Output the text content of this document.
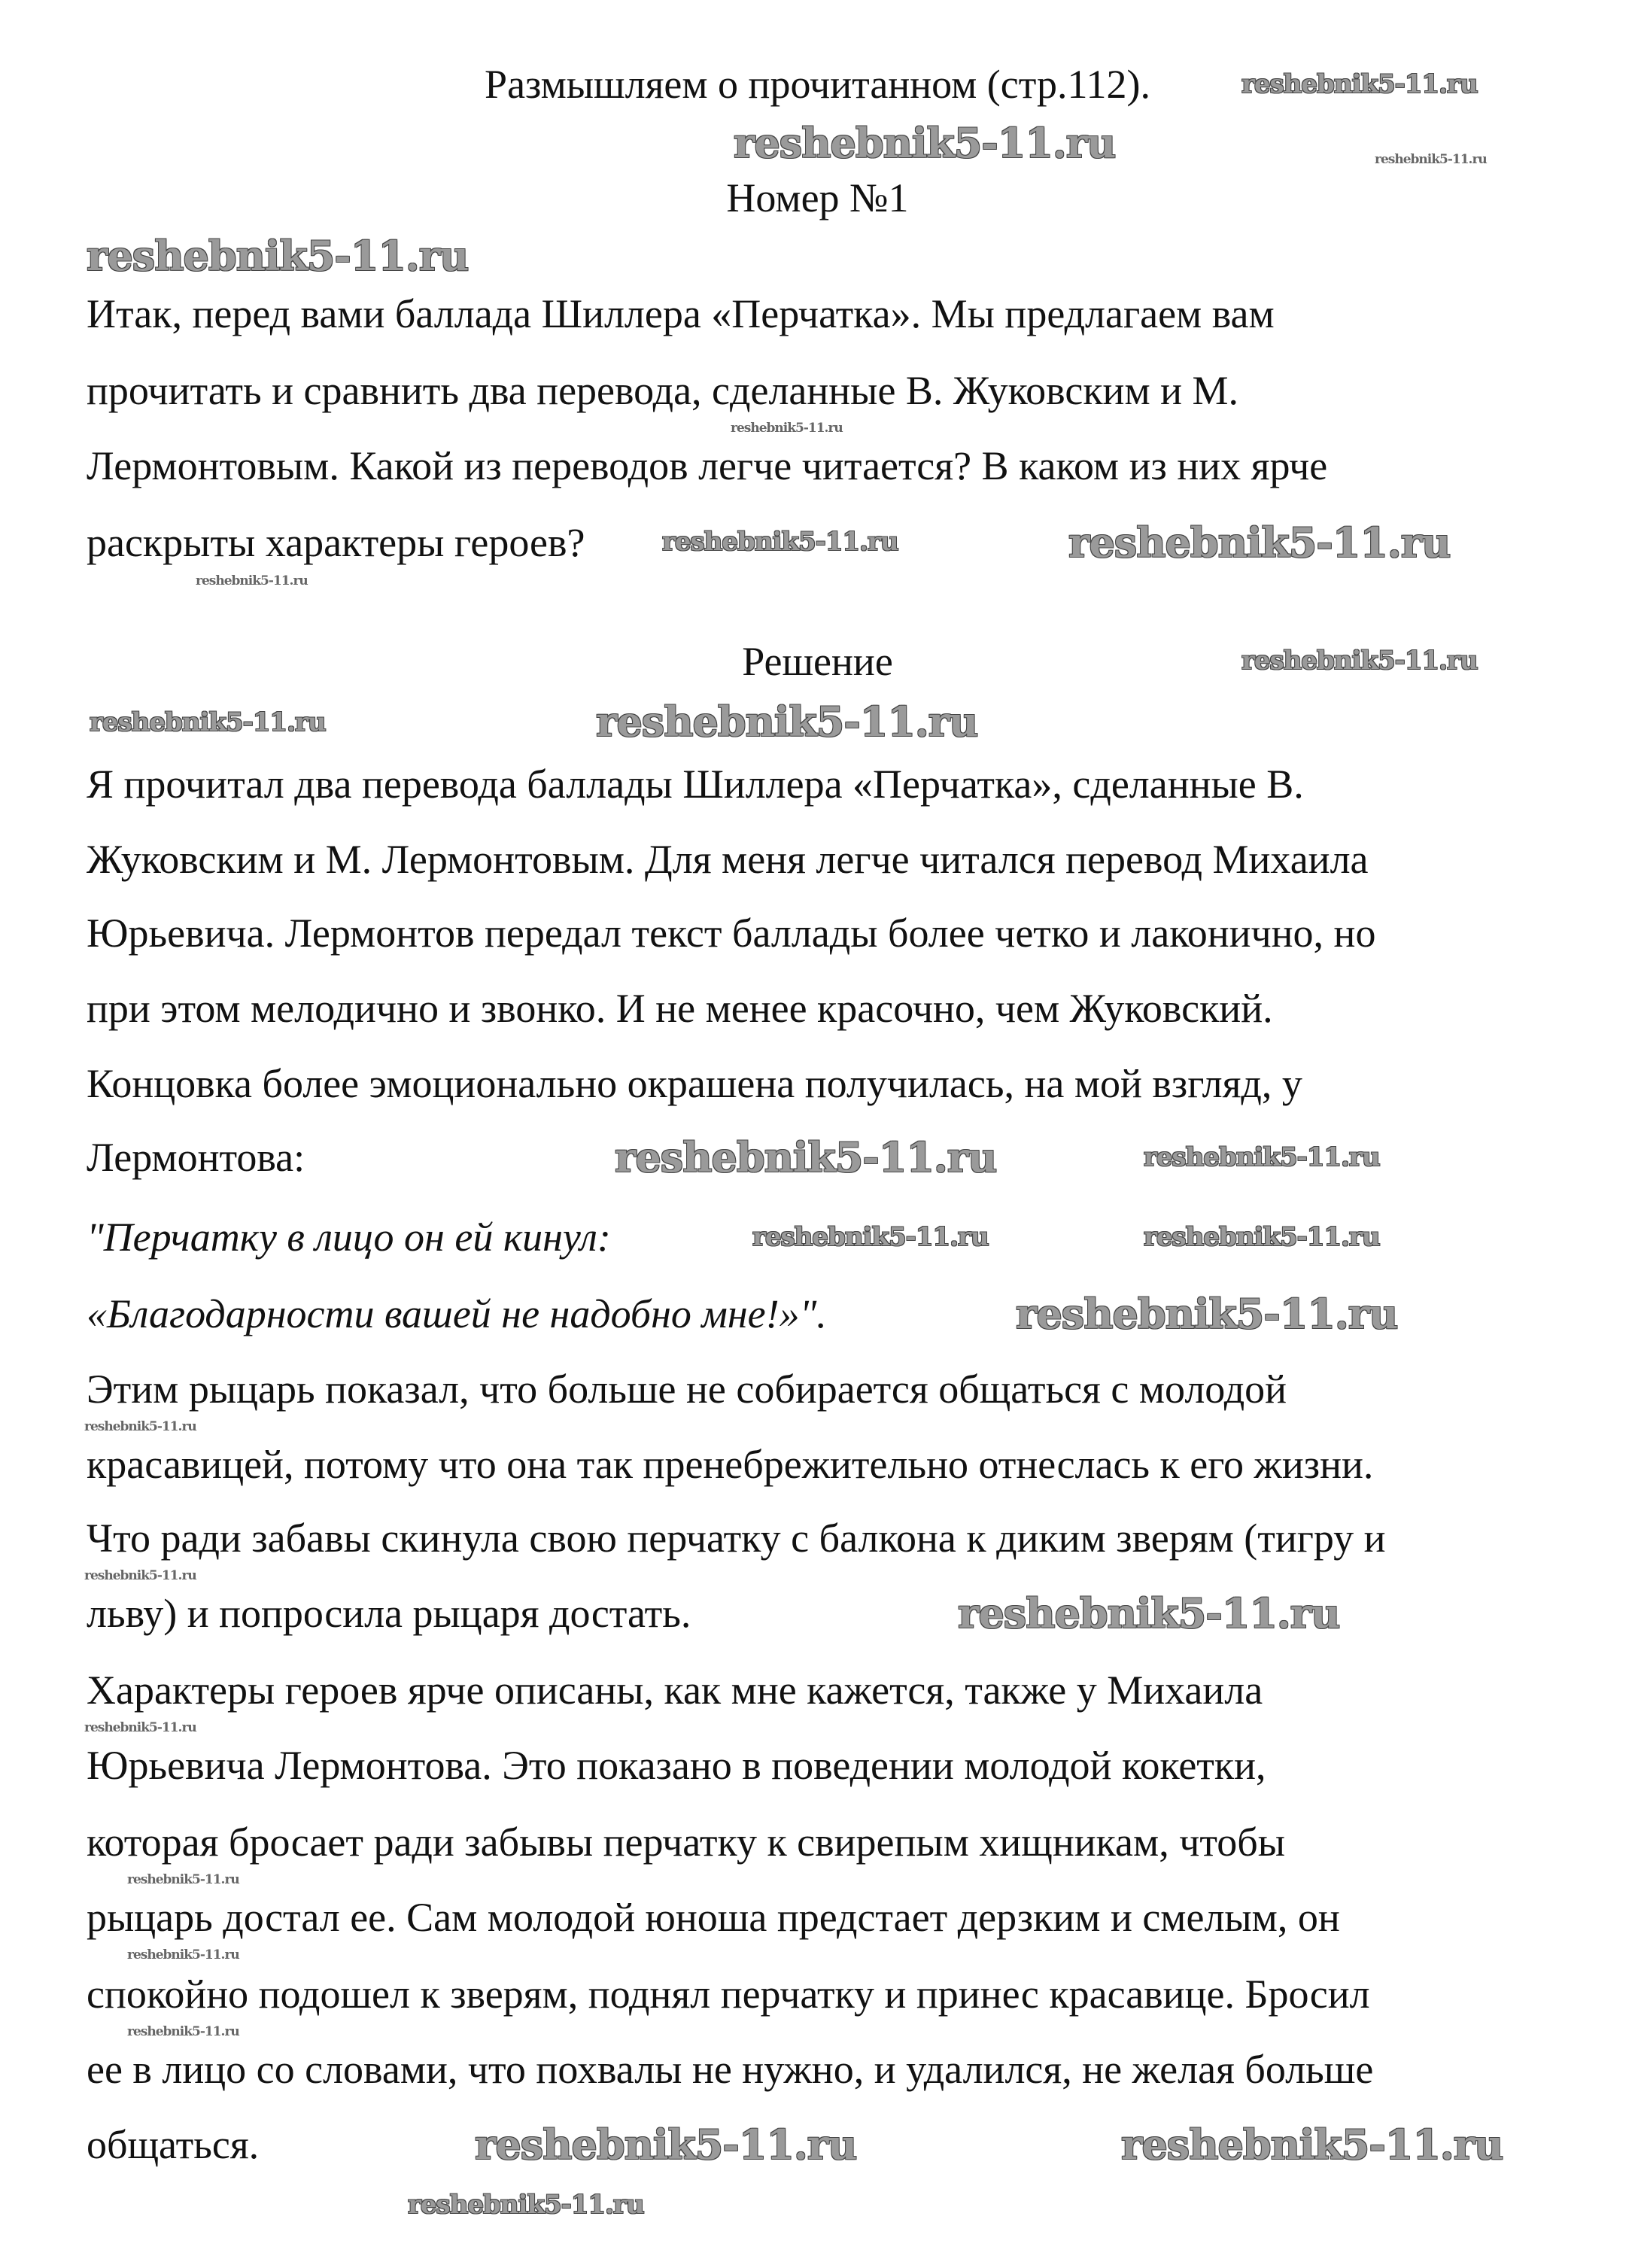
Размышляем о прочитанном (стр.112).
Номер №1
Итак, перед вами баллада Шиллера «Перчатка». Мы предлагаем вам
прочитать и сравнить два перевода, сделанные В. Жуковским и М.
Лермонтовым. Какой из переводов легче читается? В каком из них ярче
раскрыты характеры героев?
Решение
Я прочитал два перевода баллады Шиллера «Перчатка», сделанные В.
Жуковским и М. Лермонтовым. Для меня легче читался перевод Михаила
Юрьевича. Лермонтов передал текст баллады более четко и лаконично, но
при этом мелодично и звонко. И не менее красочно, чем Жуковский.
Концовка более эмоционально окрашена получилась, на мой взгляд, у
Лермонтова:
"Перчатку в лицо он ей кинул:
«Благодарности вашей не надобно мне!»".
Этим рыцарь показал, что больше не собирается общаться с молодой
красавицей, потому что она так пренебрежительно отнеслась к его жизни.
Что ради забавы скинула свою перчатку с балкона к диким зверям (тигру и
льву) и попросила рыцаря достать.
Характеры героев ярче описаны, как мне кажется, также у Михаила
Юрьевича Лермонтова. Это показано в поведении молодой кокетки,
которая бросает ради забывы перчатку к свирепым хищникам, чтобы
рыцарь достал ее. Сам молодой юноша предстает дерзким и смелым, он
спокойно подошел к зверям, поднял перчатку и принес красавице. Бросил
ее в лицо со словами, что похвалы не нужно, и удалился, не желая больше
общаться.
reshebnik5-11.ru	reshebnik5-11.ru
reshebnik5-11.ru
reshebnik5-11.ru
reshebnik5-11.ru
reshebnik5-11.ru	reshebnik5-11.ru
reshebnik5-11.ru
reshebnik5-11.ru
reshebnik5-11.ru
reshebnik5-11.ru
reshebnik5-11.ru	reshebnik5-11.ru
reshebnik5-11.ru	reshebnik5-11.ru
reshebnik5-11.ru
reshebnik5-11.ru
reshebnik5-11.ru
reshebnik5-11.ru
reshebnik5-11.ru
reshebnik5-11.ru
reshebnik5-11.ru
reshebnik5-11.ru
reshebnik5-11.ru	reshebnik5-11.ru
reshebnik5-11.ru
